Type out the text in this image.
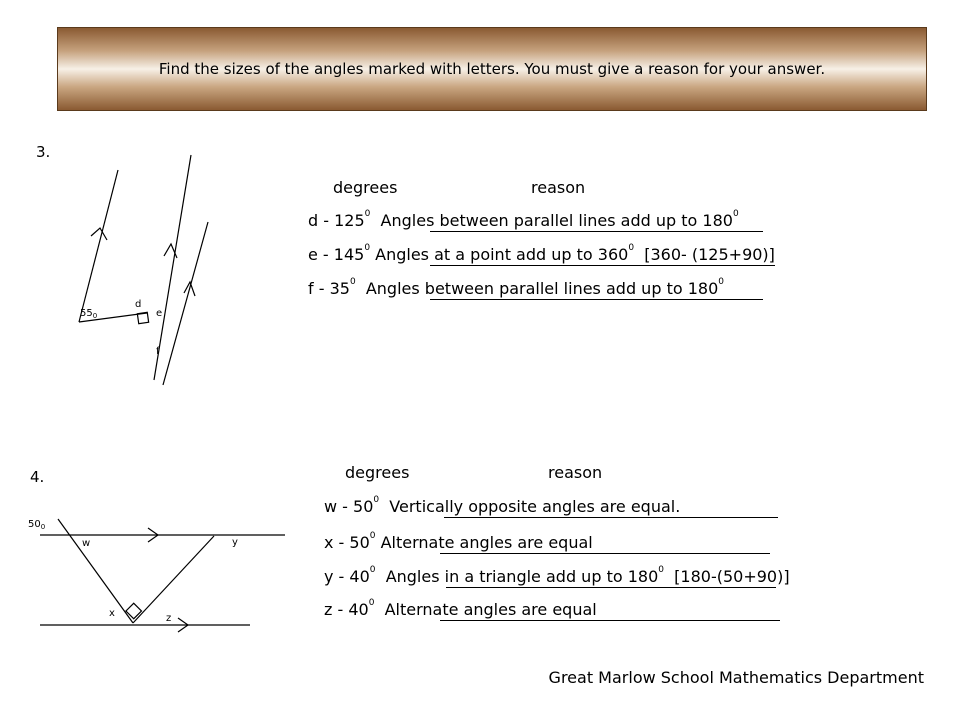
Find the sizes of the angles marked with letters. You must give a reason for your answer.
3.
$55_0$
d
e
f
degrees	reason
d - $125^0$  Angles between parallel lines add up to $180^0$
e - $145^0$ Angles at a point add up to $360^0$  [360- (125+90)]
f - $35^0$  Angles between parallel lines add up to $180^0$
4.
$50_0$
w	y
x	z
degrees	reason
w - $50^0$  Vertically opposite angles are equal.
x - $50^0$ Alternate angles are equal
y - $40^0$  Angles in a triangle add up to $180^0$  [180-(50+90)]
z - $40^0$  Alternate angles are equal
Great Marlow School Mathematics Department
